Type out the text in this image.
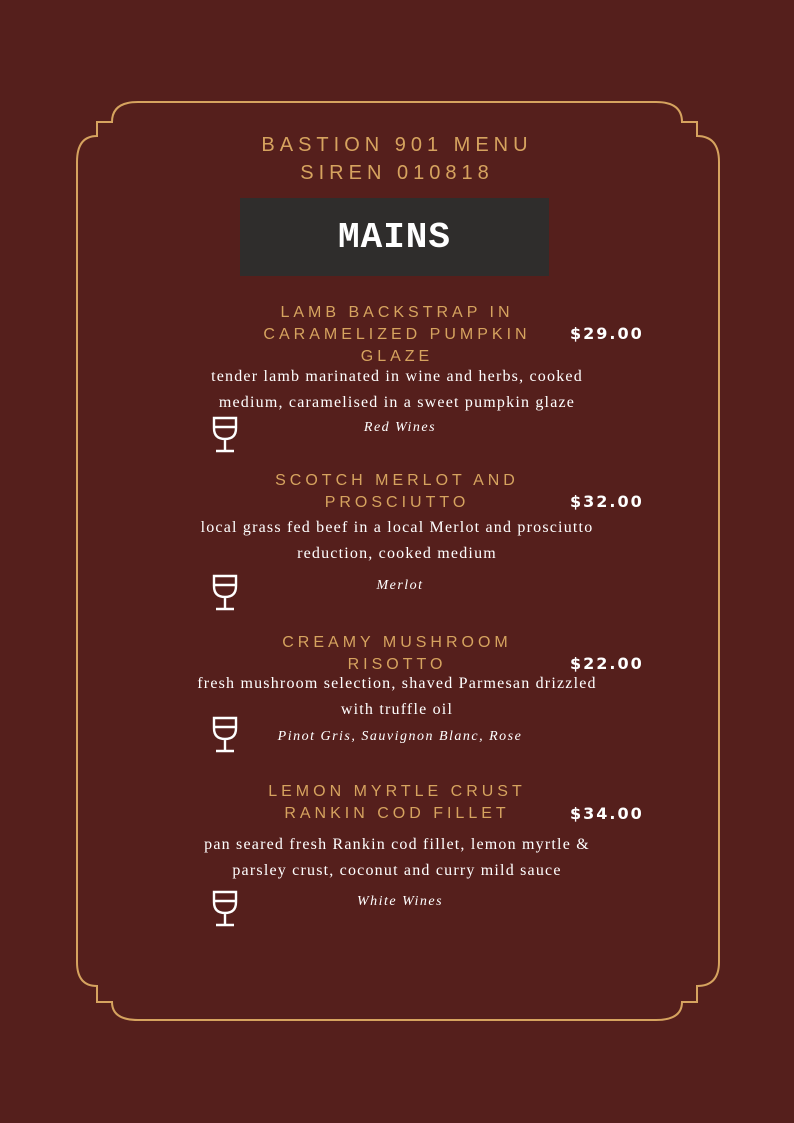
BASTION 901 MENU
SIREN 010818
MAINS
LAMB BACKSTRAP IN
CARAMELIZED PUMPKIN
GLAZE
$29.00
tender lamb marinated in wine and herbs, cooked
medium, caramelised in a sweet pumpkin glaze
Red Wines
SCOTCH MERLOT AND
PROSCIUTTO	$32.00
local grass fed beef in a local Merlot and prosciutto
reduction, cooked medium
Merlot
CREAMY MUSHROOM
RISOTTO	$22.00
fresh mushroom selection, shaved Parmesan drizzled
with truffle oil
Pinot Gris, Sauvignon Blanc, Rose
LEMON MYRTLE CRUST
RANKIN COD FILLET	$34.00
pan seared fresh Rankin cod fillet, lemon myrtle &
parsley crust, coconut and curry mild sauce
White Wines
